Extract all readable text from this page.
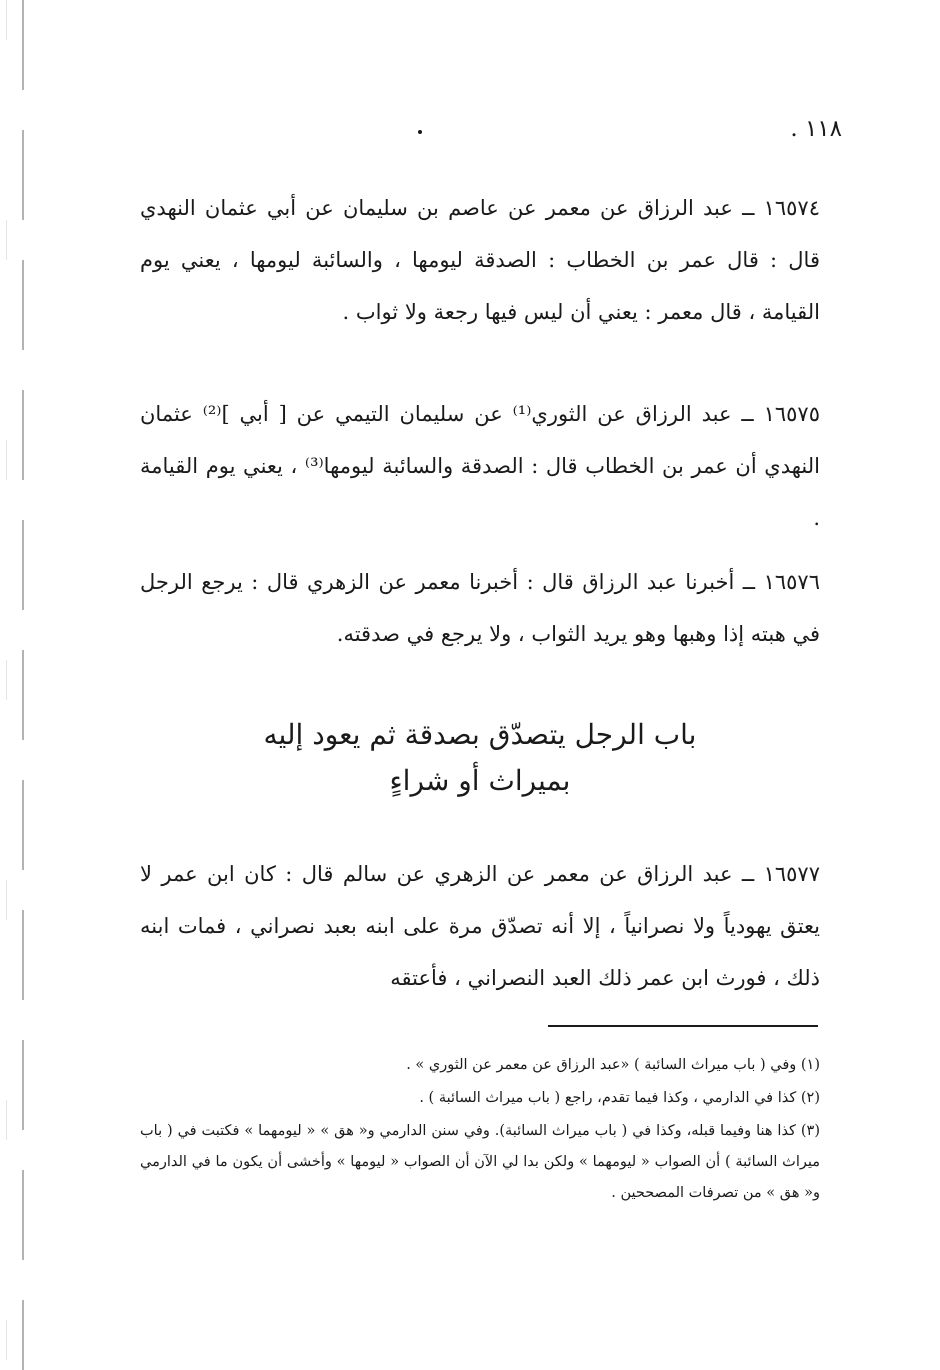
١١٨ .
١٦٥٧٤ ــ عبد الرزاق عن معمر عن عاصم بن سليمان عن أبي عثمان النهدي قال : قال عمر بن الخطاب : الصدقة ليومها ، والسائبة ليومها ، يعني يوم القيامة ، قال معمر : يعني أن ليس فيها رجعة ولا ثواب .
١٦٥٧٥ ــ عبد الرزاق عن الثوري⁽¹⁾ عن سليمان التيمي عن [ أبي ]⁽²⁾ عثمان النهدي أن عمر بن الخطاب قال : الصدقة والسائبة ليومها⁽³⁾ ، يعني يوم القيامة .
١٦٥٧٦ ــ أخبرنا عبد الرزاق قال : أخبرنا معمر عن الزهري قال : يرجع الرجل في هبته إذا وهبها وهو يريد الثواب ، ولا يرجع في صدقته.
باب الرجل يتصدّق بصدقة ثم يعود إليه
بميراث أو شراءٍ
١٦٥٧٧ ــ عبد الرزاق عن معمر عن الزهري عن سالم قال : كان ابن عمر لا يعتق يهودياً ولا نصرانياً ، إلا أنه تصدّق مرة على ابنه بعبد نصراني ، فمات ابنه ذلك ، فورث ابن عمر ذلك العبد النصراني ، فأعتقه

(١) وفي ( باب ميراث السائبة ) «عبد الرزاق عن معمر عن الثوري » .

(٢) كذا في الدارمي ، وكذا فيما تقدم، راجع ( باب ميراث السائبة ) .

(٣) كذا هنا وفيما قبله، وكذا في ( باب ميراث السائبة). وفي سنن الدارمي و« هق » « ليومهما » فكتبت في ( باب ميراث السائبة ) أن الصواب « ليومهما » ولكن بدا لي الآن أن الصواب « ليومها » وأخشى أن يكون ما في الدارمي و« هق » من تصرفات المصححين .
